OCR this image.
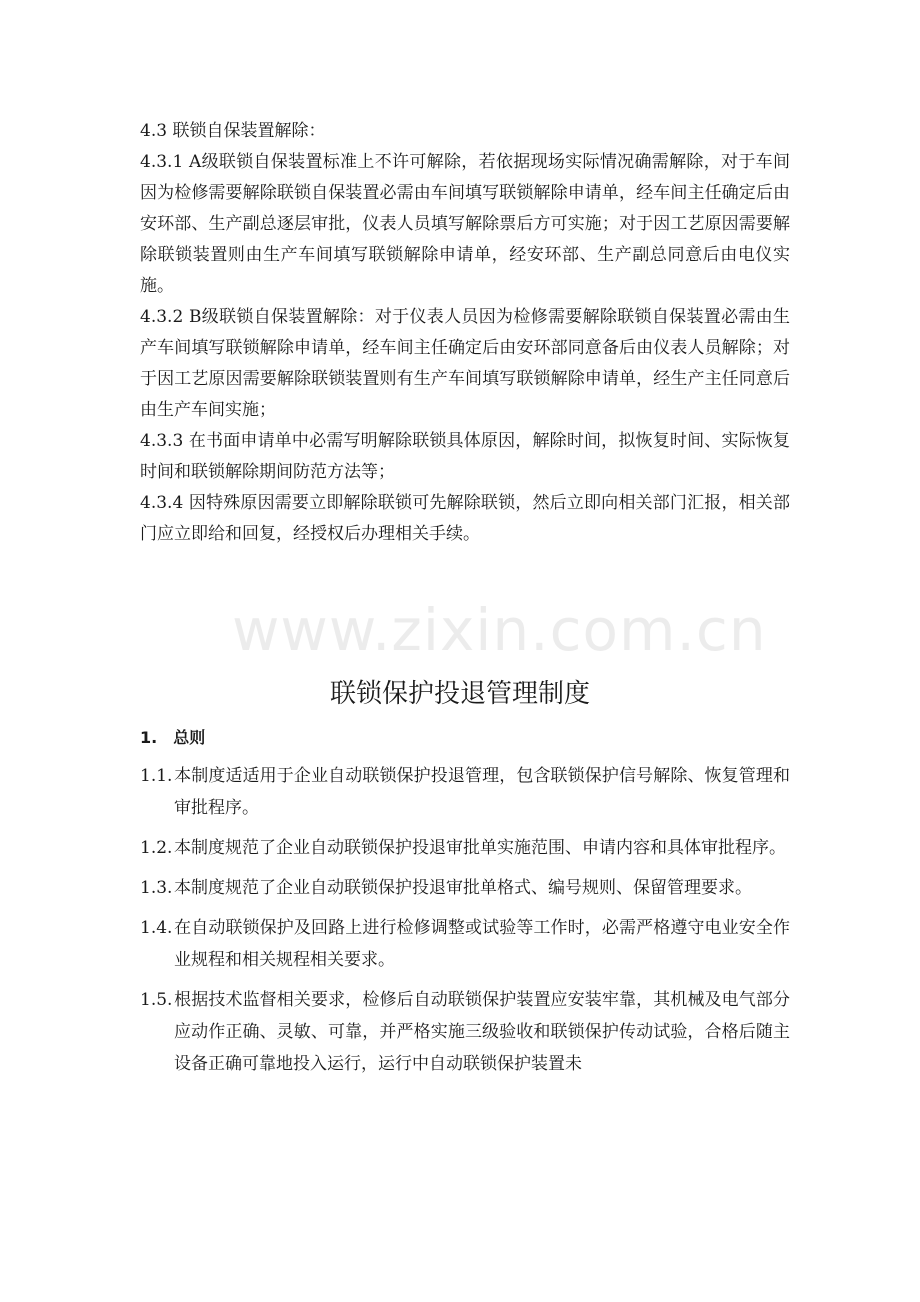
4.3 联锁自保装置解除：

4.3.1 A级联锁自保装置标准上不许可解除，若依据现场实际情况确需解除，对于车间因为检修需要解除联锁自保装置必需由车间填写联锁解除申请单，经车间主任确定后由安环部、生产副总逐层审批，仪表人员填写解除票后方可实施；对于因工艺原因需要解除联锁装置则由生产车间填写联锁解除申请单，经安环部、生产副总同意后由电仪实施。

4.3.2 B级联锁自保装置解除：对于仪表人员因为检修需要解除联锁自保装置必需由生产车间填写联锁解除申请单，经车间主任确定后由安环部同意备后由仪表人员解除；对于因工艺原因需要解除联锁装置则有生产车间填写联锁解除申请单，经生产主任同意后由生产车间实施；

4.3.3 在书面申请单中必需写明解除联锁具体原因，解除时间，拟恢复时间、实际恢复时间和联锁解除期间防范方法等；

4.3.4 因特殊原因需要立即解除联锁可先解除联锁，然后立即向相关部门汇报，相关部门应立即给和回复，经授权后办理相关手续。

www.zixin.com.cn
联锁保护投退管理制度

1.　总则

1.1.本制度适适用于企业自动联锁保护投退管理，包含联锁保护信号解除、恢复管理和审批程序。

1.2.本制度规范了企业自动联锁保护投退审批单实施范围、申请内容和具体审批程序。

1.3.本制度规范了企业自动联锁保护投退审批单格式、编号规则、保留管理要求。

1.4.在自动联锁保护及回路上进行检修调整或试验等工作时，必需严格遵守电业安全作业规程和相关规程相关要求。

1.5.根据技术监督相关要求，检修后自动联锁保护装置应安装牢靠，其机械及电气部分应动作正确、灵敏、可靠，并严格实施三级验收和联锁保护传动试验，合格后随主设备正确可靠地投入运行，运行中自动联锁保护装置未
